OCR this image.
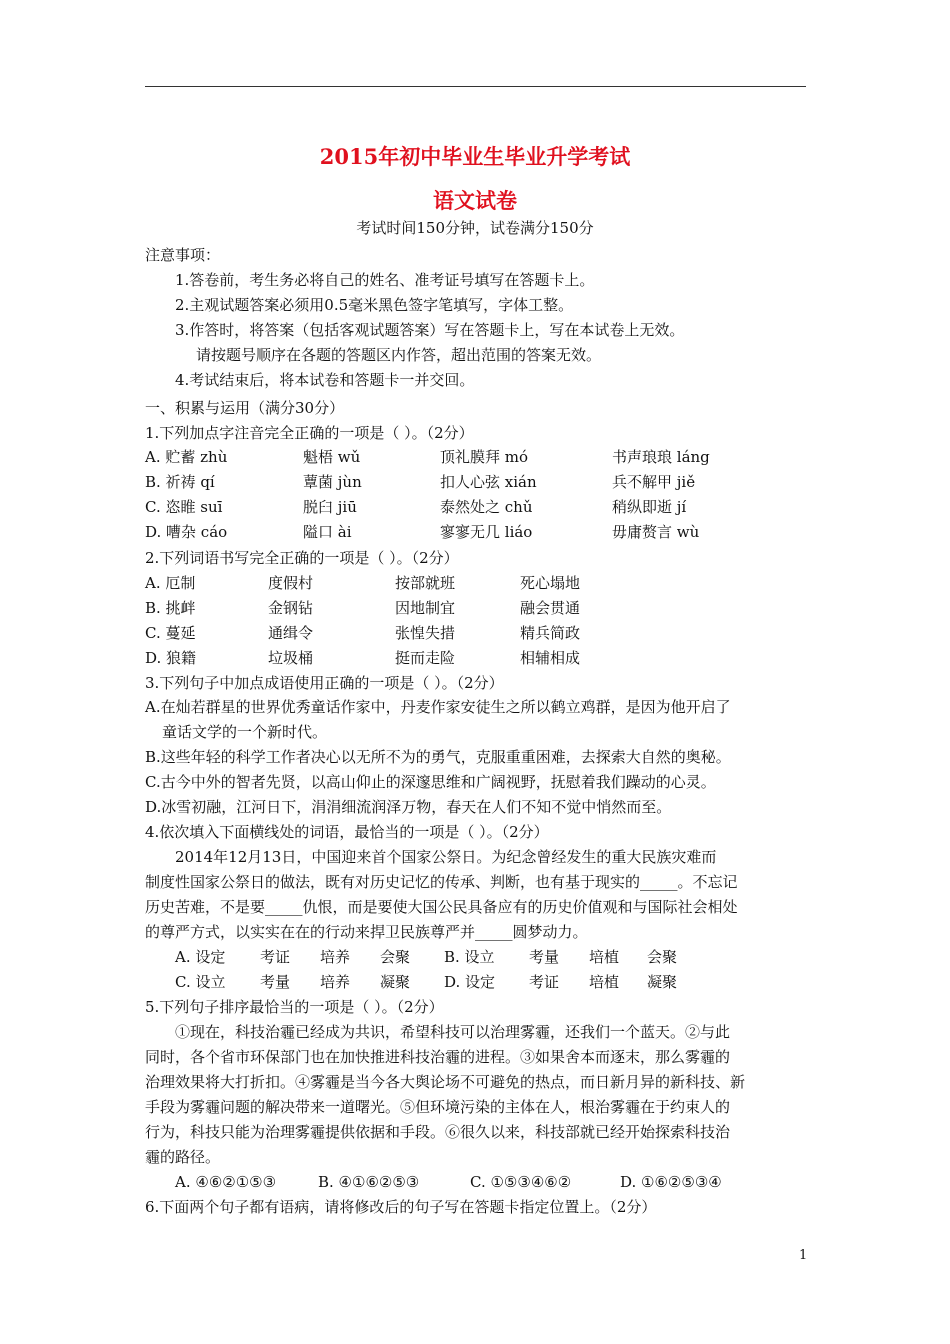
2015年初中毕业生毕业升学考试
语文试卷
考试时间150分钟，试卷满分150分
注意事项：
1.答卷前，考生务必将自己的姓名、准考证号填写在答题卡上。
2.主观试题答案必须用0.5毫米黑色签字笔填写，字体工整。
3.作答时，将答案（包括客观试题答案）写在答题卡上，写在本试卷上无效。
请按题号顺序在各题的答题区内作答，超出范围的答案无效。
4.考试结束后，将本试卷和答题卡一并交回。
一、积累与运用（满分30分）
1.下列加点字注音完全正确的一项是（ ）。（2分）
A. 贮蓄 zhù	魁梧 wǔ	顶礼膜拜 mó	书声琅琅 láng
B. 祈祷 qí	蕈菌 jùn	扣人心弦 xián	兵不解甲 jiě
C. 恣睢 suī	脱臼 jiū	泰然处之 chǔ	稍纵即逝 jí
D. 嘈杂 cáo	隘口 ài	寥寥无几 liáo	毋庸赘言 wù
2.下列词语书写完全正确的一项是（ ）。（2分）
A. 厄制	度假村	按部就班	死心塌地
B. 挑衅	金钢钻	因地制宜	融会贯通
C. 蔓延	通缉令	张惶失措	精兵简政
D. 狼籍	垃圾桶	挺而走险	相辅相成
3.下列句子中加点成语使用正确的一项是（ ）。（2分）
A.在灿若群星的世界优秀童话作家中，丹麦作家安徒生之所以鹤立鸡群，是因为他开启了
童话文学的一个新时代。
B.这些年轻的科学工作者决心以无所不为的勇气，克服重重困难，去探索大自然的奥秘。
C.古今中外的智者先贤，以高山仰止的深邃思维和广阔视野，抚慰着我们躁动的心灵。
D.冰雪初融，江河日下，涓涓细流润泽万物，春天在人们不知不觉中悄然而至。
4.依次填入下面横线处的词语，最恰当的一项是（ ）。（2分）
2014年12月13日，中国迎来首个国家公祭日。为纪念曾经发生的重大民族灾难而
制度性国家公祭日的做法，既有对历史记忆的传承、判断，也有基于现实的_____。不忘记
历史苦难，不是要_____仇恨，而是要使大国公民具备应有的历史价值观和与国际社会相处
的尊严方式，以实实在在的行动来捍卫民族尊严并_____圆梦动力。
A. 设定 考证 培养 会聚 B. 设立 考量 培植 会聚
C. 设立 考量 培养 凝聚 D. 设定 考证 培植 凝聚
5.下列句子排序最恰当的一项是（ ）。（2分）
①现在，科技治霾已经成为共识，希望科技可以治理雾霾，还我们一个蓝天。②与此
同时，各个省市环保部门也在加快推进科技治霾的进程。③如果舍本而逐末，那么雾霾的
治理效果将大打折扣。④雾霾是当今各大舆论场不可避免的热点，而日新月异的新科技、新
手段为雾霾问题的解决带来一道曙光。⑤但环境污染的主体在人，根治雾霾在于约束人的
行为，科技只能为治理雾霾提供依据和手段。⑥很久以来，科技部就已经开始探索科技治
霾的路径。
A. ④⑥②①⑤③	B. ④①⑥②⑤③	C. ①⑤③④⑥②	D. ①⑥②⑤③④
6.下面两个句子都有语病，请将修改后的句子写在答题卡指定位置上。（2分）
1
